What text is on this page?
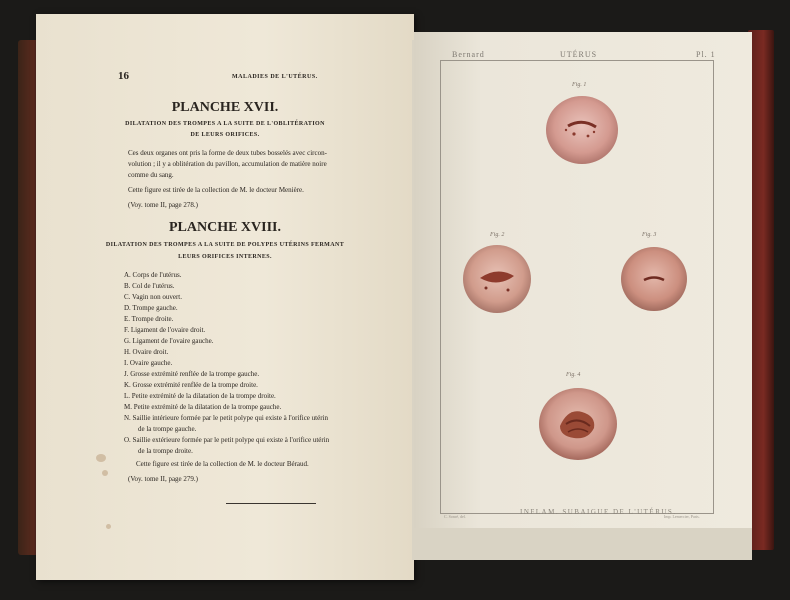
16	MALADIES DE L'UTÉRUS.
PLANCHE XVII.
DILATATION DES TROMPES A LA SUITE DE L'OBLITÉRATION
DE LEURS ORIFICES.
Ces deux organes ont pris la forme de deux tubes bosselés avec circon-
volution ; il y a oblitération du pavillon, accumulation de matière noire
comme du sang.
Cette figure est tirée de la collection de M. le docteur Menière.
(Voy. tome II, page 278.)
PLANCHE XVIII.
DILATATION DES TROMPES A LA SUITE DE POLYPES UTÉRINS FERMANT
LEURS ORIFICES INTERNES.
A. Corps de l'utérus.
B. Col de l'utérus.
C. Vagin non ouvert.
D. Trompe gauche.
E. Trompe droite.
F. Ligament de l'ovaire droit.
G. Ligament de l'ovaire gauche.
H. Ovaire droit.
I. Ovaire gauche.
J. Grosse extrémité renflée de la trompe gauche.
K. Grosse extrémité renflée de la trompe droite.
L. Petite extrémité de la dilatation de la trompe droite.
M. Petite extrémité de la dilatation de la trompe gauche.
N. Saillie intérieure formée par le petit polype qui existe à l'orifice utérin
de la trompe gauche.
O. Saillie extérieure formée par le petit polype qui existe à l'orifice utérin
de la trompe droite.
Cette figure est tirée de la collection de M. le docteur Béraud.
(Voy. tome II, page 279.)
Bernard	UTÉRUS	Pl. 1
Fig. 1
Fig. 2	Fig. 3
Fig. 4
C. Sonré, del.	Imp. Lemercier, Paris.
INFLAM. SUBAIGUE DE L'UTÉRUS.
